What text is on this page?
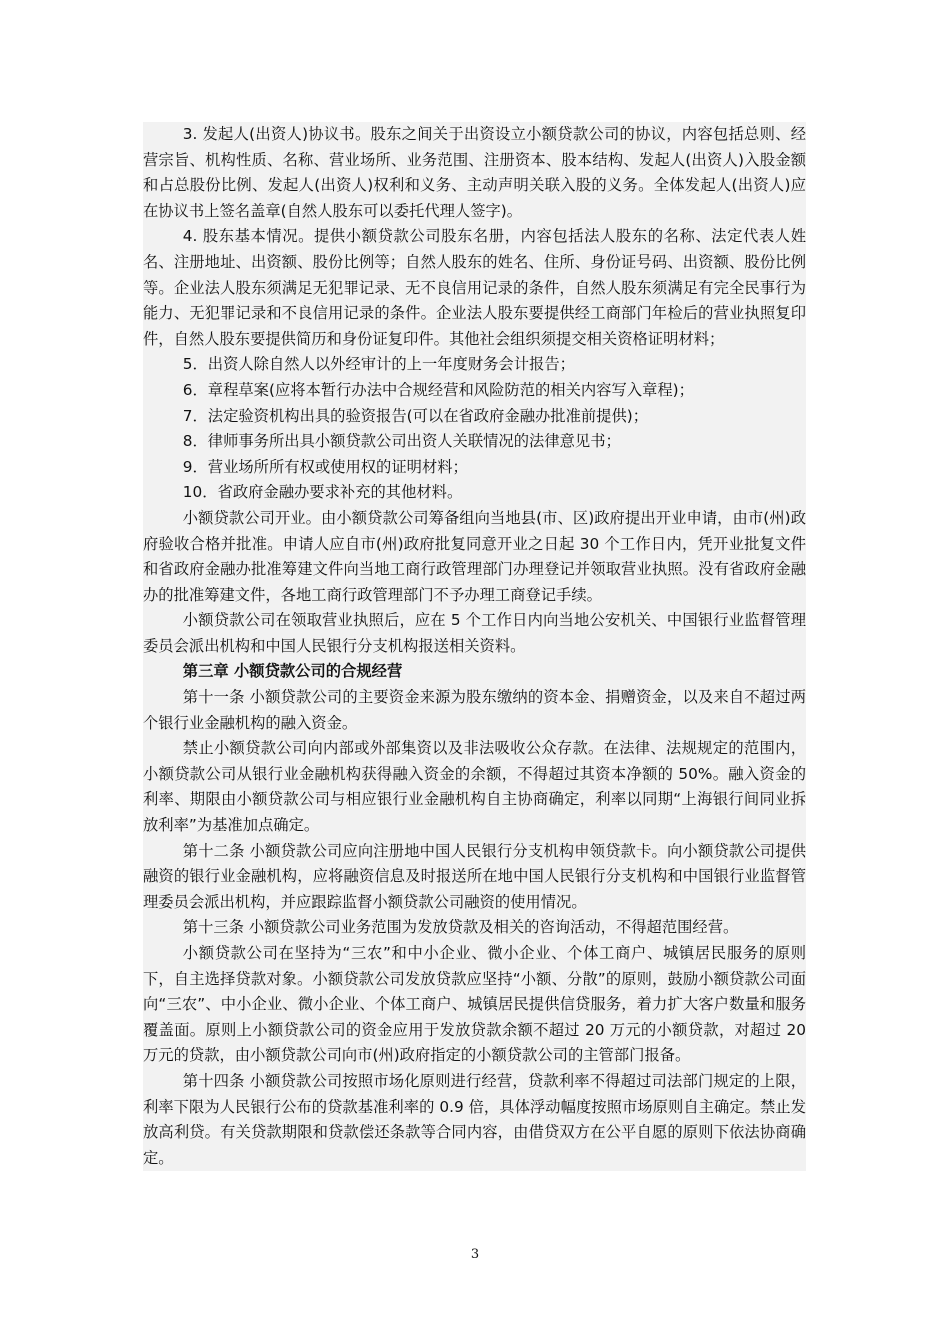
3. 发起人(出资人)协议书。股东之间关于出资设立小额贷款公司的协议，内容包括总则、经营宗旨、机构性质、名称、营业场所、业务范围、注册资本、股本结构、发起人(出资人)入股金额和占总股份比例、发起人(出资人)权利和义务、主动声明关联入股的义务。全体发起人(出资人)应在协议书上签名盖章(自然人股东可以委托代理人签字)。

4. 股东基本情况。提供小额贷款公司股东名册，内容包括法人股东的名称、法定代表人姓名、注册地址、出资额、股份比例等；自然人股东的姓名、住所、身份证号码、出资额、股份比例等。企业法人股东须满足无犯罪记录、无不良信用记录的条件，自然人股东须满足有完全民事行为能力、无犯罪记录和不良信用记录的条件。企业法人股东要提供经工商部门年检后的营业执照复印件，自然人股东要提供简历和身份证复印件。其他社会组织须提交相关资格证明材料；

5．出资人除自然人以外经审计的上一年度财务会计报告；

6．章程草案(应将本暂行办法中合规经营和风险防范的相关内容写入章程)；

7．法定验资机构出具的验资报告(可以在省政府金融办批准前提供)；

8．律师事务所出具小额贷款公司出资人关联情况的法律意见书；

9．营业场所所有权或使用权的证明材料；

10．省政府金融办要求补充的其他材料。

小额贷款公司开业。由小额贷款公司筹备组向当地县(市、区)政府提出开业申请，由市(州)政府验收合格并批准。申请人应自市(州)政府批复同意开业之日起 30 个工作日内，凭开业批复文件和省政府金融办批准筹建文件向当地工商行政管理部门办理登记并领取营业执照。没有省政府金融办的批准筹建文件，各地工商行政管理部门不予办理工商登记手续。

小额贷款公司在领取营业执照后，应在 5 个工作日内向当地公安机关、中国银行业监督管理委员会派出机构和中国人民银行分支机构报送相关资料。

第三章 小额贷款公司的合规经营

第十一条 小额贷款公司的主要资金来源为股东缴纳的资本金、捐赠资金，以及来自不超过两个银行业金融机构的融入资金。

禁止小额贷款公司向内部或外部集资以及非法吸收公众存款。在法律、法规规定的范围内，小额贷款公司从银行业金融机构获得融入资金的余额，不得超过其资本净额的 50%。融入资金的利率、期限由小额贷款公司与相应银行业金融机构自主协商确定，利率以同期“上海银行间同业拆放利率”为基准加点确定。

第十二条 小额贷款公司应向注册地中国人民银行分支机构申领贷款卡。向小额贷款公司提供融资的银行业金融机构，应将融资信息及时报送所在地中国人民银行分支机构和中国银行业监督管理委员会派出机构，并应跟踪监督小额贷款公司融资的使用情况。

第十三条 小额贷款公司业务范围为发放贷款及相关的咨询活动，不得超范围经营。

小额贷款公司在坚持为“三农”和中小企业、微小企业、个体工商户、城镇居民服务的原则下，自主选择贷款对象。小额贷款公司发放贷款应坚持“小额、分散”的原则，鼓励小额贷款公司面向“三农”、中小企业、微小企业、个体工商户、城镇居民提供信贷服务，着力扩大客户数量和服务覆盖面。原则上小额贷款公司的资金应用于发放贷款余额不超过 20 万元的小额贷款，对超过 20 万元的贷款，由小额贷款公司向市(州)政府指定的小额贷款公司的主管部门报备。

第十四条 小额贷款公司按照市场化原则进行经营，贷款利率不得超过司法部门规定的上限，利率下限为人民银行公布的贷款基准利率的 0.9 倍，具体浮动幅度按照市场原则自主确定。禁止发放高利贷。有关贷款期限和贷款偿还条款等合同内容，由借贷双方在公平自愿的原则下依法协商确定。

3
